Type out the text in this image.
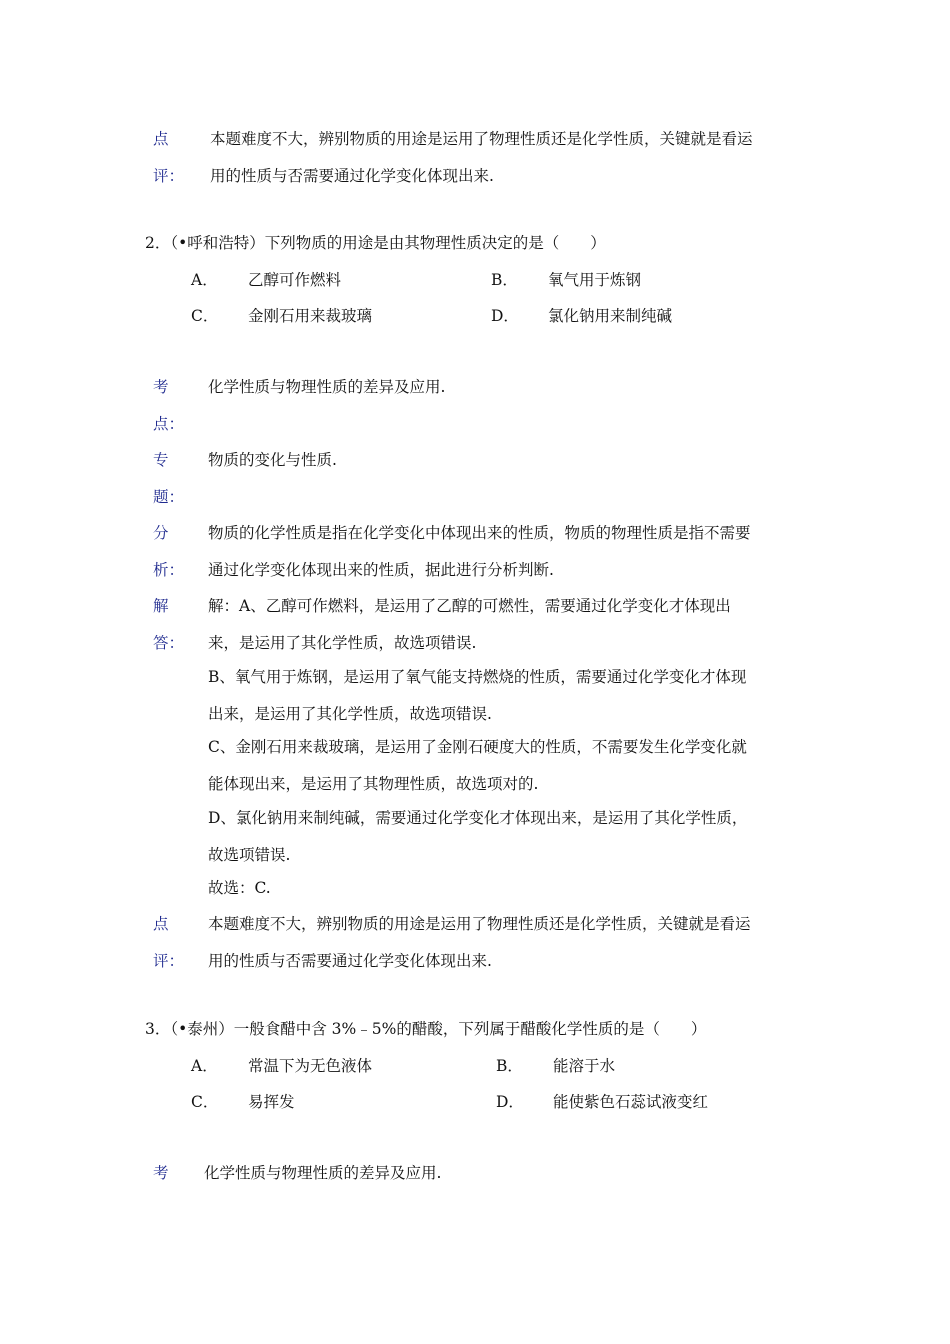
点
评：
本题难度不大，辨别物质的用途是运用了物理性质还是化学性质，关键就是看运
用的性质与否需要通过化学变化体现出来.
2．（•呼和浩特）下列物质的用途是由其物理性质决定的是（　　）
A． 乙醇可作燃料	B． 氧气用于炼钢
C． 金刚石用来裁玻璃	D． 氯化钠用来制纯碱
考
点：
化学性质与物理性质的差异及应用.
专
题：
物质的变化与性质.
分
析：
物质的化学性质是指在化学变化中体现出来的性质，物质的物理性质是指不需要
通过化学变化体现出来的性质，据此进行分析判断.
解
答：
解：A、乙醇可作燃料，是运用了乙醇的可燃性，需要通过化学变化才体现出
来，是运用了其化学性质，故选项错误.
B、氧气用于炼钢，是运用了氧气能支持燃烧的性质，需要通过化学变化才体现
出来，是运用了其化学性质，故选项错误.
C、金刚石用来裁玻璃，是运用了金刚石硬度大的性质，不需要发生化学变化就
能体现出来，是运用了其物理性质，故选项对的.
D、氯化钠用来制纯碱，需要通过化学变化才体现出来，是运用了其化学性质，
故选项错误.
故选：C.
点
评：
本题难度不大，辨别物质的用途是运用了物理性质还是化学性质，关键就是看运
用的性质与否需要通过化学变化体现出来.
3．（•泰州）一般食醋中含 3%﹣5%的醋酸，下列属于醋酸化学性质的是（　　）
A． 常温下为无色液体	B． 能溶于水
C． 易挥发	D． 能使紫色石蕊试液变红
考 化学性质与物理性质的差异及应用.
